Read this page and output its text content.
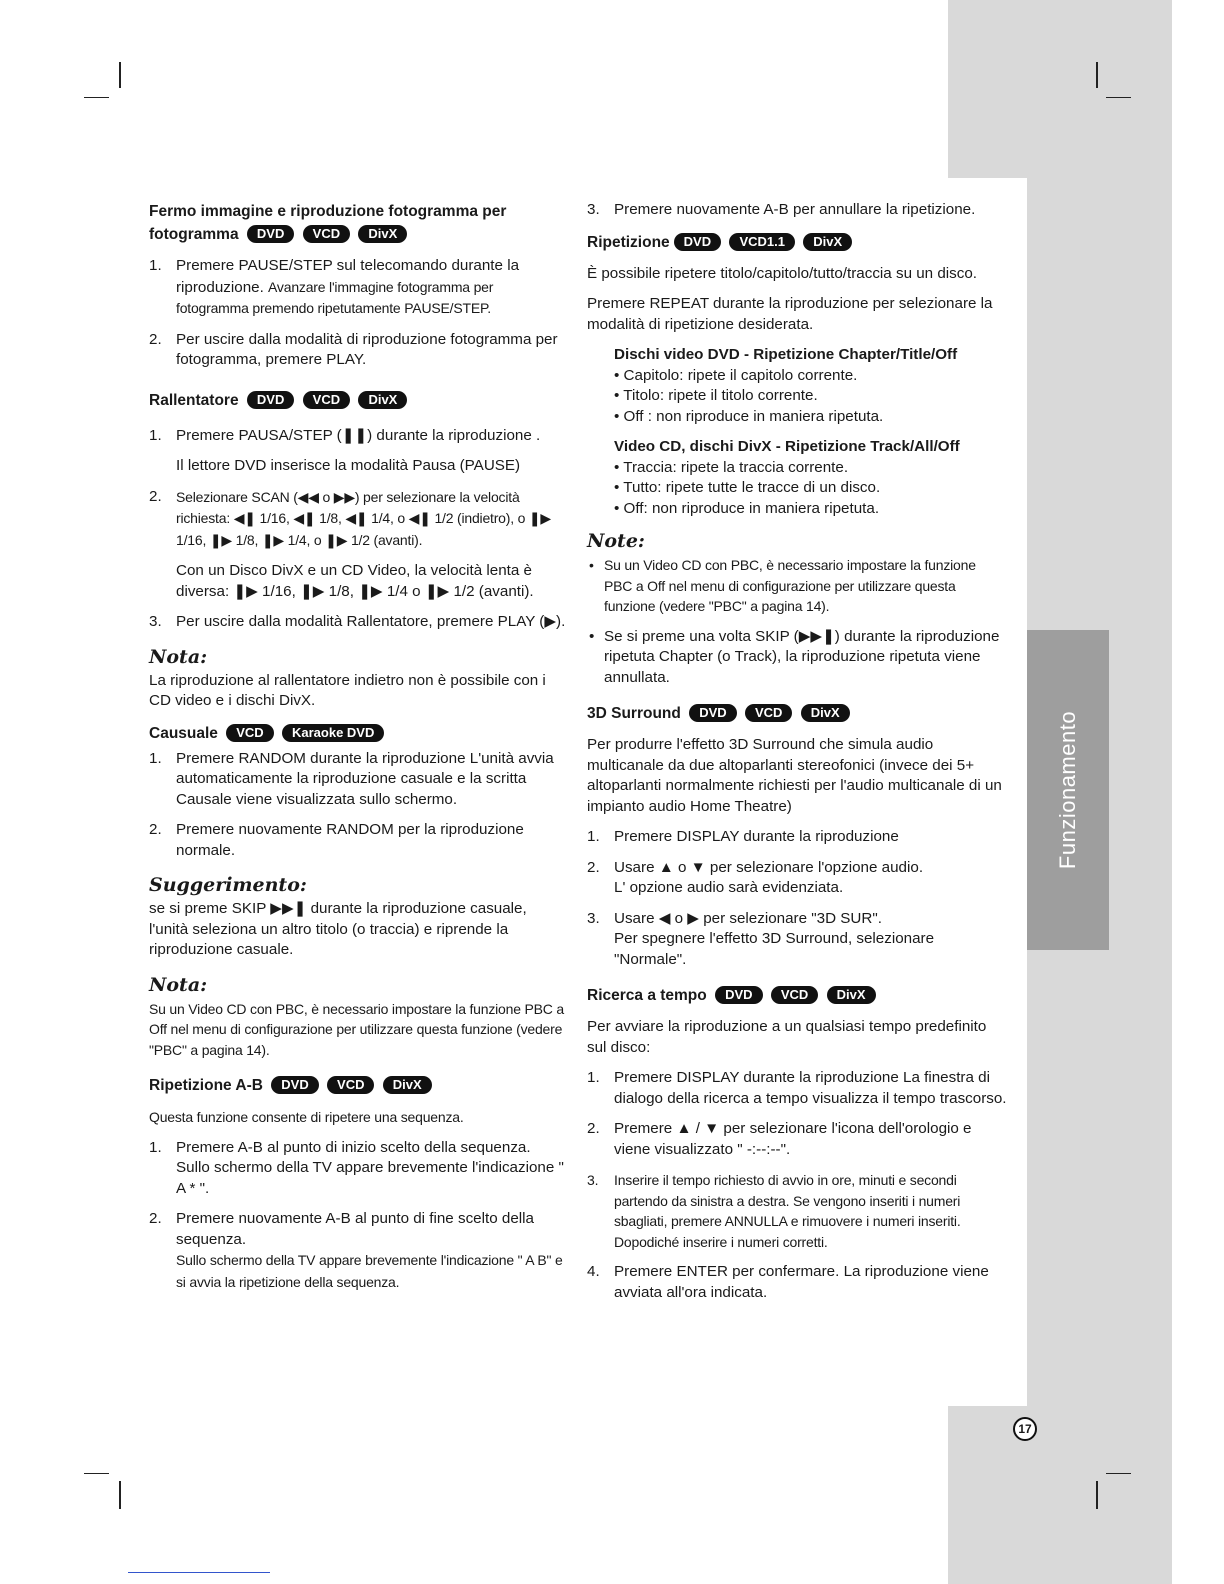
Funzionamento
17
Fermo immagine e riproduzione fotogramma per
fotogramma DVD VCD DivX
1. Premere PAUSE/STEP sul telecomando durante la riproduzione. Avanzare l'immagine fotogramma per fotogramma premendo ripetutamente PAUSE/STEP.
2. Per uscire dalla modalità di riproduzione fotogramma per fotogramma, premere PLAY.
Rallentatore DVD VCD DivX
1. Premere PAUSA/STEP (❚❚) durante la riproduzione .

Il lettore DVD inserisce la modalità Pausa (PAUSE)

2. Selezionare SCAN (◀◀ o ▶▶) per selezionare la velocità richiesta: ◀❚ 1/16, ◀❚ 1/8, ◀❚ 1/4, o ◀❚ 1/2 (indietro), o ❚▶ 1/16, ❚▶ 1/8, ❚▶ 1/4, o ❚▶ 1/2 (avanti).

Con un Disco DivX e un CD Video, la velocità lenta è diversa: ❚▶ 1/16, ❚▶ 1/8, ❚▶ 1/4 o ❚▶ 1/2 (avanti).

3. Per uscire dalla modalità Rallentatore, premere PLAY (▶).
Nota:

La riproduzione al rallentatore indietro non è possibile con i CD video e i dischi DivX.

Causuale VCD Karaoke DVD
1. Premere RANDOM durante la riproduzione L'unità avvia automaticamente la riproduzione casuale e la scritta Causale viene visualizzata sullo schermo.
2. Premere nuovamente RANDOM per la riproduzione normale.
Suggerimento:

se si preme SKIP ▶▶❚ durante la riproduzione casuale, l'unità seleziona un altro titolo (o traccia) e riprende la riproduzione casuale.

Nota:

Su un Video CD con PBC, è necessario impostare la funzione PBC a Off nel menu di configurazione per utilizzare questa funzione (vedere "PBC" a pagina 14).

Ripetizione A-B DVD VCD DivX

Questa funzione consente di ripetere una sequenza.

1. Premere A-B al punto di inizio scelto della sequenza. Sullo schermo della TV appare brevemente l'indicazione " A * ".
2. Premere nuovamente A-B al punto di fine scelto della sequenza.
Sullo schermo della TV appare brevemente l'indicazione " A B" e si avvia la ripetizione della sequenza.
3. Premere nuovamente A-B per annullare la ripetizione.
Ripetizione DVD VCD1.1 DivX

È possibile ripetere titolo/capitolo/tutto/traccia su un disco.

Premere REPEAT durante la riproduzione per selezionare la modalità di ripetizione desiderata.

Dischi video DVD - Ripetizione Chapter/Title/Off
• Capitolo: ripete il capitolo corrente.
• Titolo: ripete il titolo corrente.
• Off : non riproduce in maniera ripetuta.
Video CD, dischi DivX - Ripetizione Track/All/Off
• Traccia: ripete la traccia corrente.
• Tutto: ripete tutte le tracce di un disco.
• Off: non riproduce in maniera ripetuta.
Note:
• Su un Video CD con PBC, è necessario impostare la funzione PBC a Off nel menu di configurazione per utilizzare questa funzione (vedere "PBC" a pagina 14).
• Se si preme una volta SKIP (▶▶❚) durante la riproduzione ripetuta Chapter (o Track), la riproduzione ripetuta viene annullata.
3D Surround DVD VCD DivX

Per produrre l'effetto 3D Surround che simula audio multicanale da due altoparlanti stereofonici (invece dei 5+ altoparlanti normalmente richiesti per l'audio multicanale di un impianto audio Home Theatre)

1. Premere DISPLAY durante la riproduzione
2. Usare ▲ o ▼ per selezionare l'opzione audio.
L' opzione audio sarà evidenziata.
3. Usare ◀ o ▶ per selezionare "3D SUR".
Per spegnere l'effetto 3D Surround, selezionare "Normale".
Ricerca a tempo DVD VCD DivX

Per avviare la riproduzione a un qualsiasi tempo predefinito sul disco:

1. Premere DISPLAY durante la riproduzione La finestra di dialogo della ricerca a tempo visualizza il tempo trascorso.
2. Premere ▲ / ▼ per selezionare l'icona dell'orologio e viene visualizzato " -:--:--".
3. Inserire il tempo richiesto di avvio in ore, minuti e secondi partendo da sinistra a destra. Se vengono inseriti i numeri sbagliati, premere ANNULLA e rimuovere i numeri inseriti. Dopodiché inserire i numeri corretti.
4. Premere ENTER per confermare. La riproduzione viene avviata all'ora indicata.
